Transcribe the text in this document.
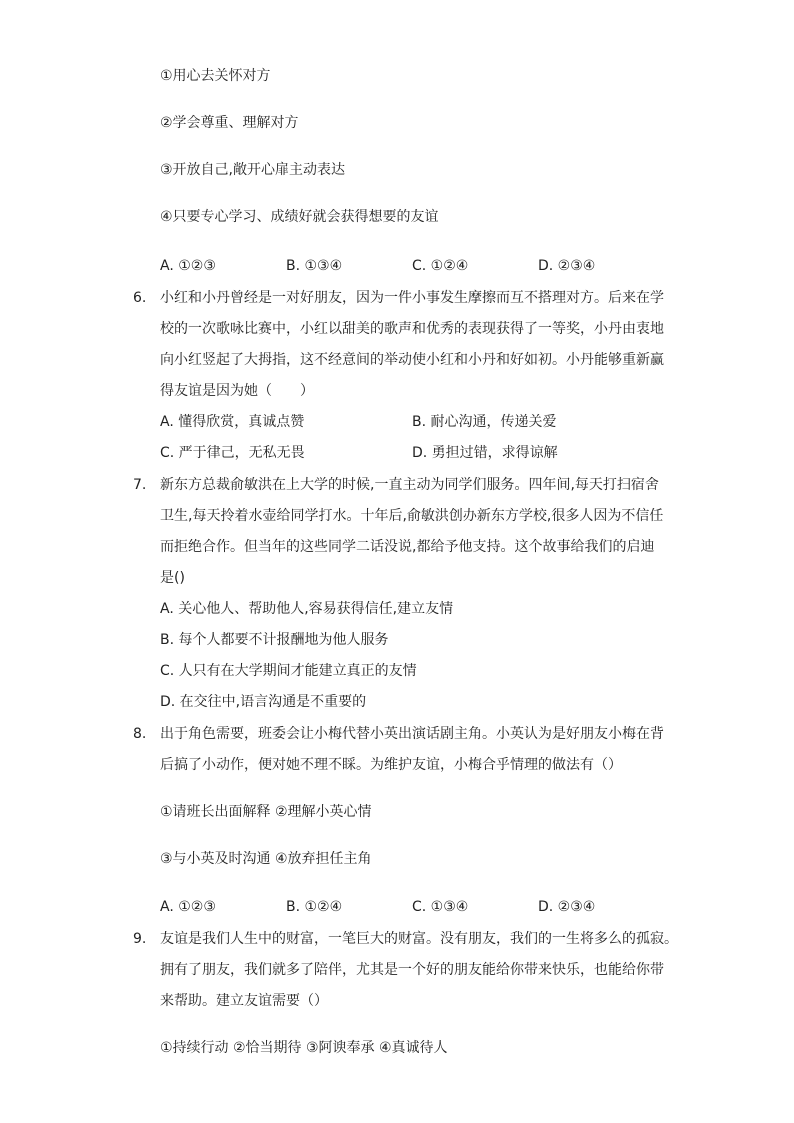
①用心去关怀对方
②学会尊重、理解对方
③开放自己,敞开心扉主动表达
④只要专心学习、成绩好就会获得想要的友谊
A. ①②③	B. ①③④	C. ①②④	D. ②③④
6. 小红和小丹曾经是一对好朋友，因为一件小事发生摩擦而互不搭理对方。后来在学
校的一次歌咏比赛中，小红以甜美的歌声和优秀的表现获得了一等奖，小丹由衷地
向小红竖起了大拇指，这不经意间的举动使小红和小丹和好如初。小丹能够重新赢
得友谊是因为她（　　）
A. 懂得欣赏，真诚点赞	B. 耐心沟通，传递关爱
C. 严于律己，无私无畏	D. 勇担过错，求得谅解
7. 新东方总裁俞敏洪在上大学的时候,一直主动为同学们服务。四年间,每天打扫宿舍
卫生,每天拎着水壶给同学打水。十年后,俞敏洪创办新东方学校,很多人因为不信任
而拒绝合作。但当年的这些同学二话没说,都给予他支持。这个故事给我们的启迪
是()
A. 关心他人、帮助他人,容易获得信任,建立友情
B. 每个人都要不计报酬地为他人服务
C. 人只有在大学期间才能建立真正的友情
D. 在交往中,语言沟通是不重要的
8. 出于角色需要，班委会让小梅代替小英出演话剧主角。小英认为是好朋友小梅在背
后搞了小动作，便对她不理不睬。为维护友谊，小梅合乎情理的做法有（）
①请班长出面解释 ②理解小英心情
③与小英及时沟通 ④放弃担任主角
A. ①②③	B. ①②④	C. ①③④	D. ②③④
9. 友谊是我们人生中的财富，一笔巨大的财富。没有朋友，我们的一生将多么的孤寂。
拥有了朋友，我们就多了陪伴，尤其是一个好的朋友能给你带来快乐，也能给你带
来帮助。建立友谊需要（）
①持续行动 ②恰当期待 ③阿谀奉承 ④真诚待人
